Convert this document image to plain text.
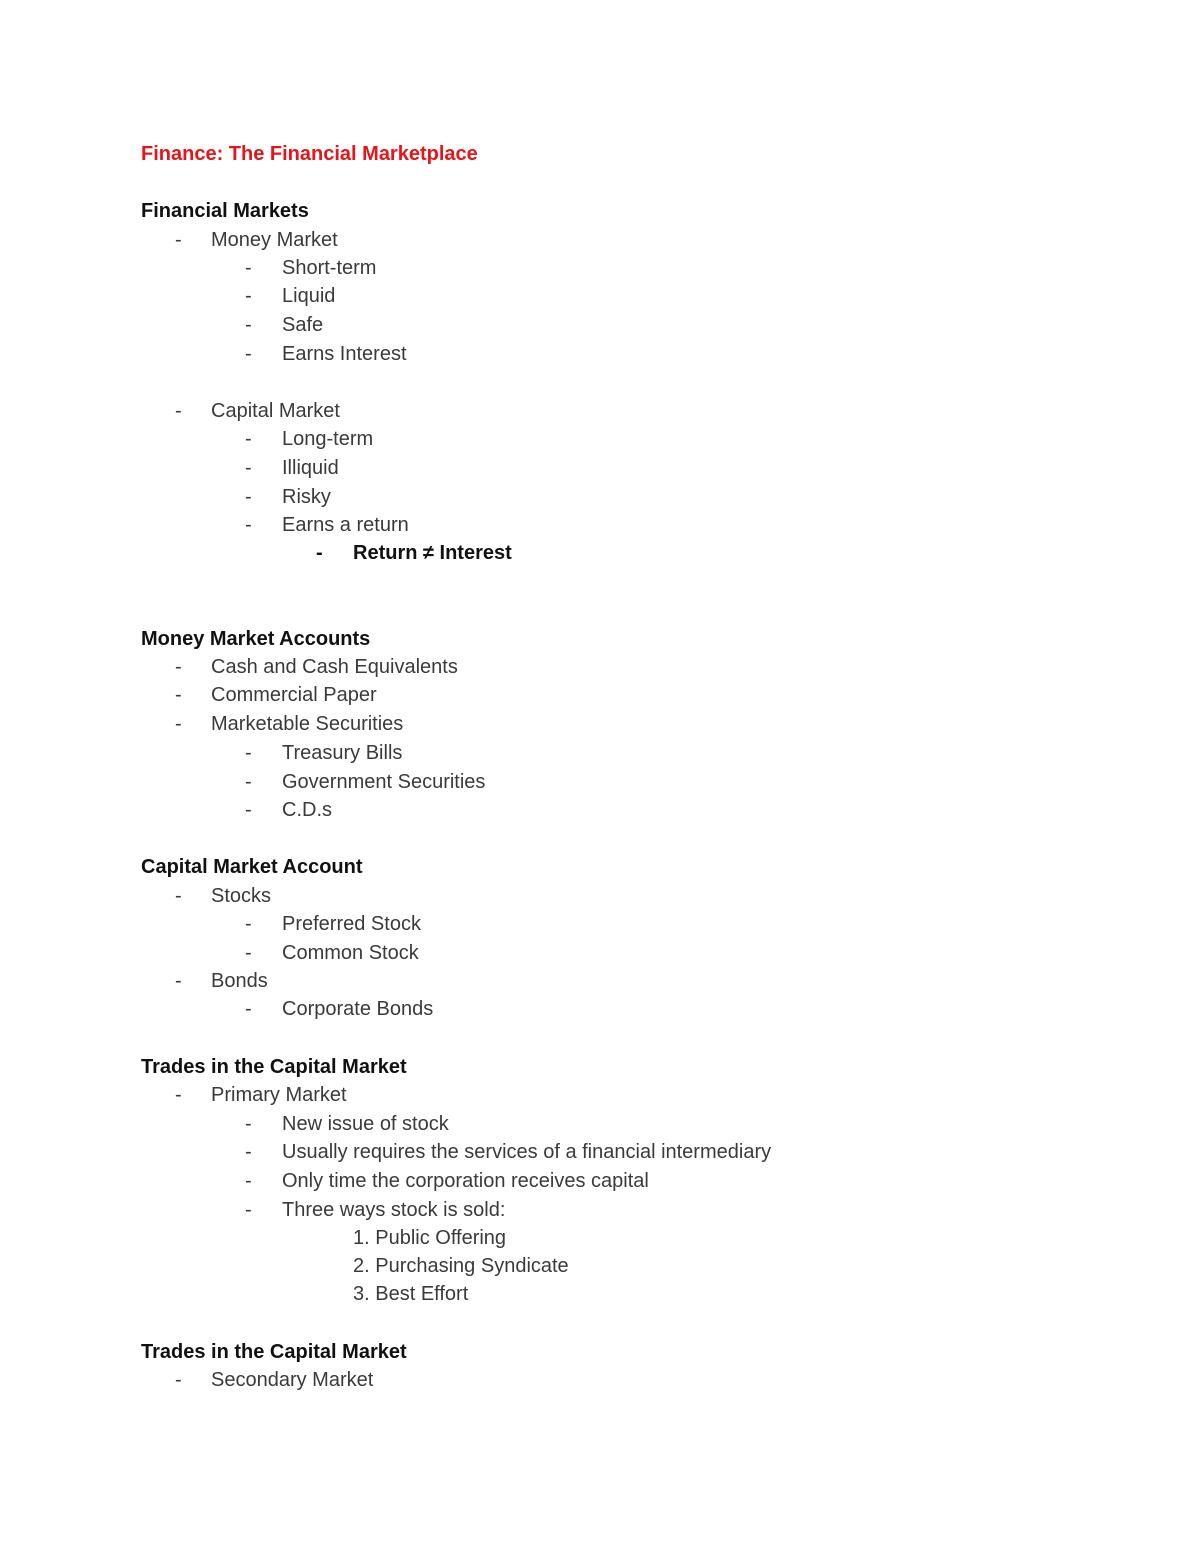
Finance: The Financial Marketplace
Financial Markets
- Money Market
- Short-term
- Liquid
- Safe
- Earns Interest
- Capital Market
- Long-term
- Illiquid
- Risky
- Earns a return
- Return ≠ Interest
Money Market Accounts
- Cash and Cash Equivalents
- Commercial Paper
- Marketable Securities
- Treasury Bills
- Government Securities
- C.D.s
Capital Market Account
- Stocks
- Preferred Stock
- Common Stock
- Bonds
- Corporate Bonds
Trades in the Capital Market
- Primary Market
- New issue of stock
- Usually requires the services of a financial intermediary
- Only time the corporation receives capital
- Three ways stock is sold:
1. Public Offering
2. Purchasing Syndicate
3. Best Effort
Trades in the Capital Market
- Secondary Market
